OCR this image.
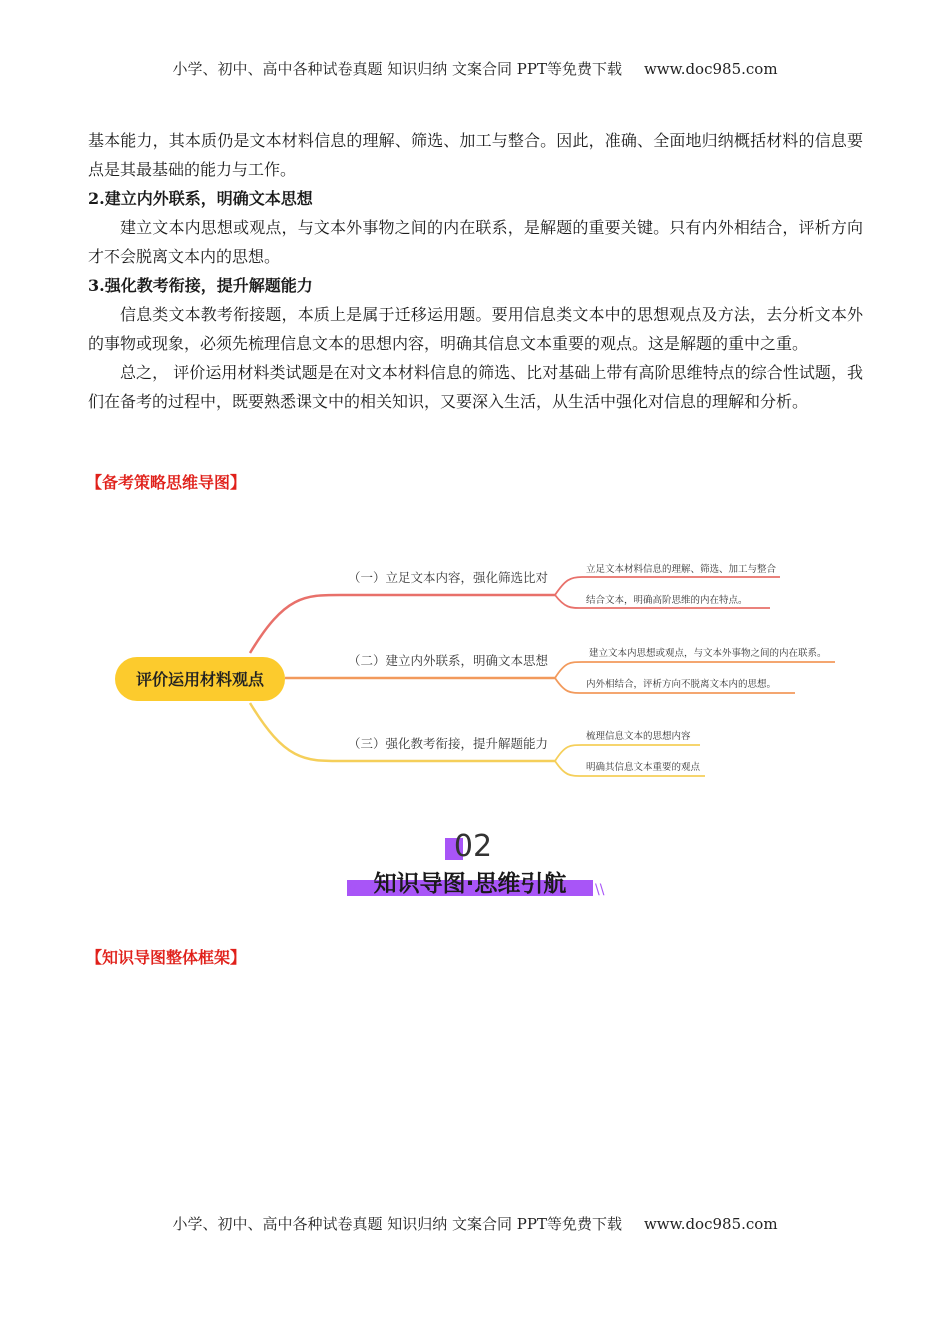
小学、初中、高中各种试卷真题 知识归纳 文案合同 PPT等免费下载 www.doc985.com

基本能力，其本质仍是文本材料信息的理解、筛选、加工与整合。因此，准确、全面地归纳概括材料的信息要点是其最基础的能力与工作。

2.建立内外联系，明确文本思想

建立文本内思想或观点，与文本外事物之间的内在联系，是解题的重要关键。只有内外相结合，评析方向才不会脱离文本内的思想。

3.强化教考衔接，提升解题能力

信息类文本教考衔接题，本质上是属于迁移运用题。要用信息类文本中的思想观点及方法，去分析文本外的事物或现象，必须先梳理信息文本的思想内容，明确其信息文本重要的观点。这是解题的重中之重。

总之， 评价运用材料类试题是在对文本材料信息的筛选、比对基础上带有高阶思维特点的综合性试题，我们在备考的过程中，既要熟悉课文中的相关知识，又要深入生活，从生活中强化对信息的理解和分析。

【备考策略思维导图】
评价运用材料观点
（一）立足文本内容，强化筛选比对
（二）建立内外联系，明确文本思想
（三）强化教考衔接，提升解题能力
立足文本材料信息的理解、筛选、加工与整合
结合文本，明确高阶思维的内在特点。
建立文本内思想或观点，与文本外事物之间的内在联系。
内外相结合，评析方向不脱离文本内的思想。
梳理信息文本的思想内容
明确其信息文本重要的观点
02
//	\\
知识导图·思维引航
【知识导图整体框架】
小学、初中、高中各种试卷真题 知识归纳 文案合同 PPT等免费下载 www.doc985.com
